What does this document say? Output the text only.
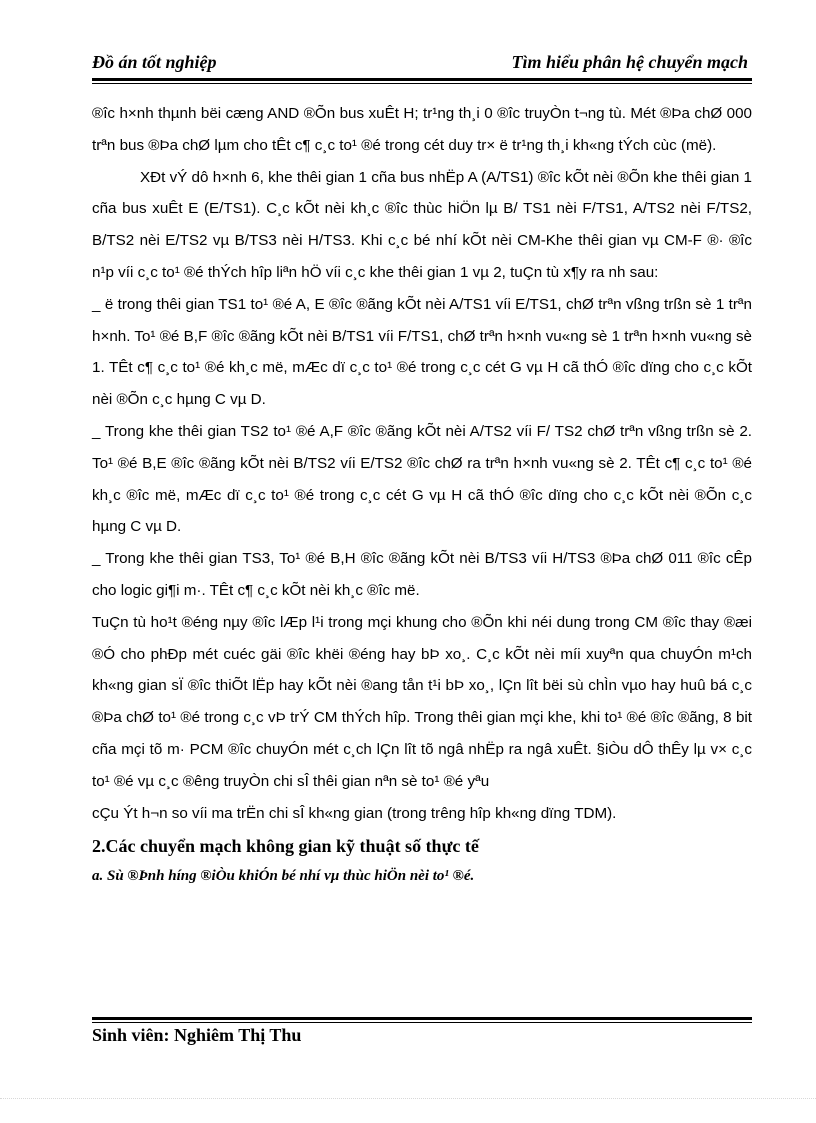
Đồ án tốt nghiệp	Tìm hiểu phân hệ chuyển mạch

®îc h×nh thµnh bëi cæng AND ®Õn bus xuÊt H; tr¹ng th¸i 0 ®îc truyÒn t¬ng tù. Mét ®Þa chØ 000 trªn bus ®Þa chØ lµm cho tÊt c¶ c¸c to¹ ®é trong cét duy tr× ë tr¹ng th¸i kh«ng tÝch cùc (më).

XÐt vÝ dô h×nh 6, khe thêi gian 1 cña bus nhËp A (A/TS1) ®îc kÕt nèi ®Õn khe thêi gian 1 cña bus xuÊt E (E/TS1). C¸c kÕt nèi kh¸c ®îc thùc hiÖn lµ B/ TS1 nèi F/TS1, A/TS2 nèi F/TS2, B/TS2 nèi E/TS2 vµ B/TS3 nèi H/TS3. Khi c¸c bé nhí kÕt nèi CM-Khe thêi gian vµ CM-F ®· ®îc n¹p víi c¸c to¹ ®é thÝch hîp liªn hÖ víi c¸c khe thêi gian 1 vµ 2, tuÇn tù x¶y ra nh sau:

_ ë trong thêi gian TS1 to¹ ®é A, E ®îc ®ãng kÕt nèi A/TS1 víi E/TS1, chØ trªn vßng trßn sè 1 trªn h×nh. To¹ ®é B,F ®îc ®ãng kÕt nèi B/TS1 víi F/TS1, chØ trªn h×nh vu«ng sè 1 trªn h×nh vu«ng sè 1. TÊt c¶ c¸c to¹ ®é kh¸c më, mÆc dï c¸c to¹ ®é trong c¸c cét G vµ H cã thÓ ®îc dïng cho c¸c kÕt nèi ®Õn c¸c hµng C vµ D.

_ Trong khe thêi gian TS2 to¹ ®é A,F ®îc ®ãng kÕt nèi A/TS2 víi F/ TS2 chØ trªn vßng trßn sè 2. To¹ ®é B,E ®îc ®ãng kÕt nèi B/TS2 víi E/TS2 ®îc chØ ra trªn h×nh vu«ng sè 2. TÊt c¶ c¸c to¹ ®é kh¸c ®îc më, mÆc dï c¸c to¹ ®é trong c¸c cét G vµ H cã thÓ ®îc dïng cho c¸c kÕt nèi ®Õn c¸c hµng C vµ D.

_ Trong khe thêi gian TS3, To¹ ®é B,H ®îc ®ãng kÕt nèi B/TS3 víi H/TS3 ®Þa chØ 011 ®îc cÊp cho logic gi¶i m·. TÊt c¶ c¸c kÕt nèi kh¸c ®îc më.

TuÇn tù ho¹t ®éng nµy ®îc lÆp l¹i trong mçi khung cho ®Õn khi néi dung trong CM ®îc thay ®æi ®Ó cho phÐp mét cuéc gäi ®îc khëi ®éng hay bÞ xo¸. C¸c kÕt nèi míi xuyªn qua chuyÓn m¹ch kh«ng gian sÏ ®îc thiÕt lËp hay kÕt nèi ®ang tån t¹i bÞ xo¸, lÇn lît bëi sù chÌn vµo hay huû bá c¸c ®Þa chØ to¹ ®é trong c¸c vÞ trÝ CM thÝch hîp. Trong thêi gian mçi khe, khi to¹ ®é ®îc ®ãng, 8 bit cña mçi tõ m· PCM ®îc chuyÓn mét c¸ch lÇn lît tõ ngâ nhËp ra ngâ xuÊt. §iÒu dÔ thÊy lµ v× c¸c to¹ ®é vµ c¸c ®êng truyÒn chi sÎ thêi gian nªn sè to¹ ®é yªu

cÇu Ýt h¬n so víi ma trËn chi sÎ kh«ng gian (trong trêng hîp kh«ng dïng TDM).

2.Các chuyển mạch không gian kỹ thuật số thực tế
a. Sù ®Þnh híng ®iÒu khiÓn bé nhí vµ thùc hiÖn nèi to¹ ®é.
Sinh viên: Nghiêm Thị Thu
